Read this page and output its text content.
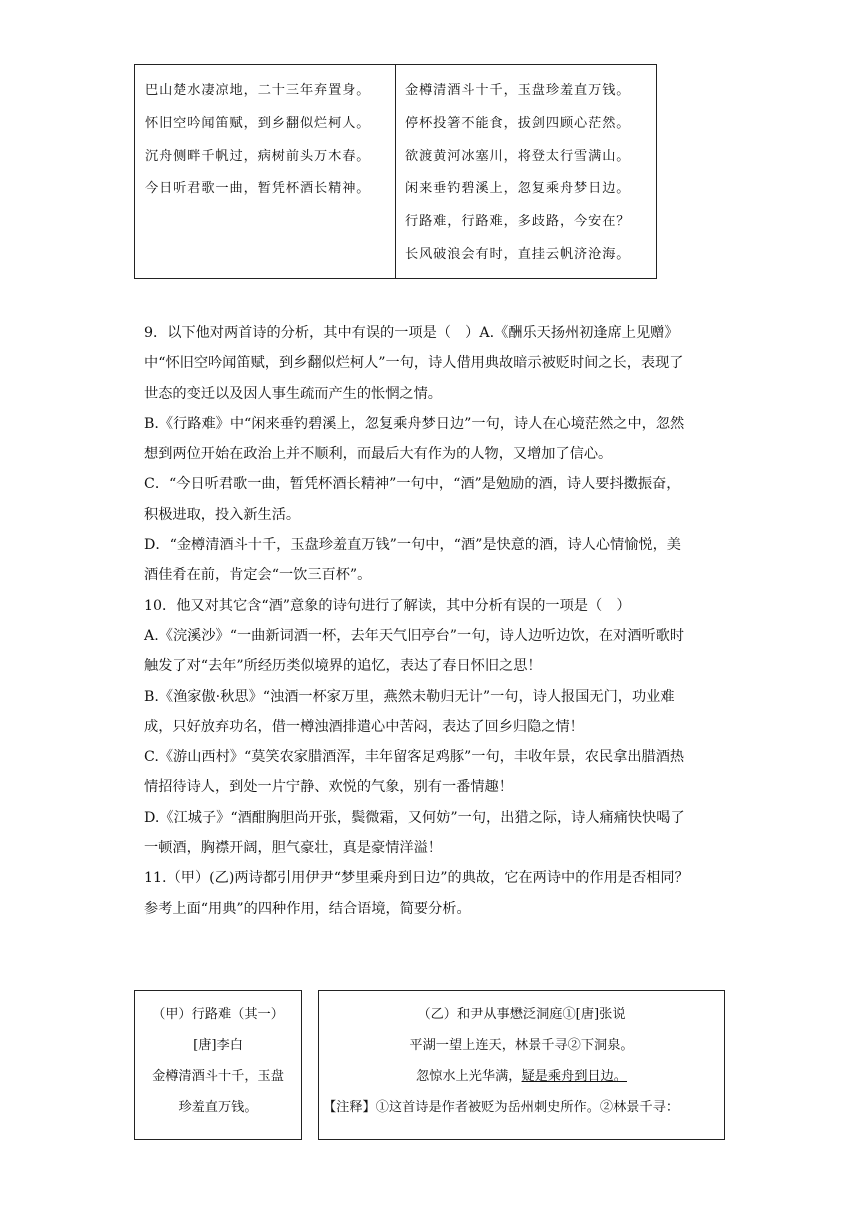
巴山楚水凄凉地，二十三年弃置身。
怀旧空吟闻笛赋，到乡翻似烂柯人。
沉舟侧畔千帆过，病树前头万木春。
今日听君歌一曲，暂凭杯酒长精神。
金樽清酒斗十千，玉盘珍羞直万钱。
停杯投箸不能食，拔剑四顾心茫然。
欲渡黄河冰塞川，将登太行雪满山。
闲来垂钓碧溪上，忽复乘舟梦日边。
行路难，行路难，多歧路，今安在？
长风破浪会有时，直挂云帆济沧海。

9．以下他对两首诗的分析，其中有误的一项是（　）A.《酬乐天扬州初逢席上见赠》
中“怀旧空吟闻笛赋，到乡翻似烂柯人”一句，诗人借用典故暗示被贬时间之长，表现了
世态的变迁以及因人事生疏而产生的怅惘之情。

B.《行路难》中“闲来垂钓碧溪上，忽复乘舟梦日边”一句，诗人在心境茫然之中，忽然
想到两位开始在政治上并不顺利，而最后大有作为的人物，又增加了信心。

C．“今日听君歌一曲，暂凭杯酒长精神”一句中，“酒”是勉励的酒，诗人要抖擞振奋，
积极进取，投入新生活。

D．“金樽清酒斗十千，玉盘珍羞直万钱”一句中，“酒”是快意的酒，诗人心情愉悦，美
酒佳肴在前，肯定会“一饮三百杯”。

10．他又对其它含“酒”意象的诗句进行了解读，其中分析有误的一项是（　）

A.《浣溪沙》“一曲新词酒一杯，去年天气旧亭台”一句，诗人边听边饮，在对酒听歌时
触发了对“去年”所经历类似境界的追忆，表达了春日怀旧之思！

B.《渔家傲·秋思》“浊酒一杯家万里，燕然未勒归无计”一句，诗人报国无门，功业难
成，只好放弃功名，借一樽浊酒排遣心中苦闷，表达了回乡归隐之情！

C.《游山西村》“莫笑农家腊酒浑，丰年留客足鸡豚”一句，丰收年景，农民拿出腊酒热
情招待诗人，到处一片宁静、欢悦的气象，别有一番情趣！

D.《江城子》“酒酣胸胆尚开张，鬓微霜，又何妨”一句，出猎之际，诗人痛痛快快喝了
一顿酒，胸襟开阔，胆气豪壮，真是豪情洋溢！

11.（甲）(乙)两诗都引用伊尹“梦里乘舟到日边”的典故，它在两诗中的作用是否相同？
参考上面“用典”的四种作用，结合语境，简要分析。

（甲）行路难（其一）
[唐]李白
金樽清酒斗十千，玉盘
珍羞直万钱。
（乙）和尹从事懋泛洞庭①[唐]张说
平湖一望上连天，林景千寻②下洞泉。
忽惊水上光华满，疑是乘舟到日边。
【注释】①这首诗是作者被贬为岳州刺史所作。②林景千寻：
